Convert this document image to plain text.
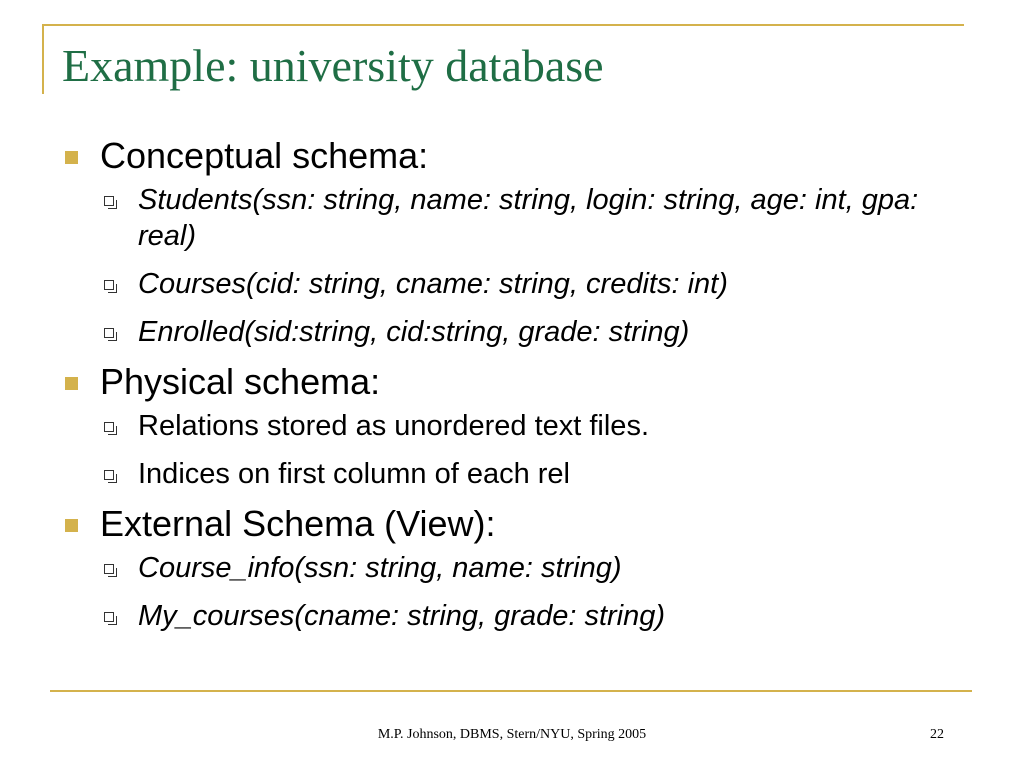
Example: university database
Conceptual schema:
Students(ssn: string, name: string, login: string, age: int, gpa: real)
Courses(cid: string, cname: string, credits: int)
Enrolled(sid:string, cid:string, grade: string)
Physical schema:
Relations stored as unordered text files.
Indices on first column of each rel
External Schema (View):
Course_info(ssn: string, name: string)
My_courses(cname: string, grade: string)
M.P. Johnson, DBMS, Stern/NYU, Spring 2005	22
